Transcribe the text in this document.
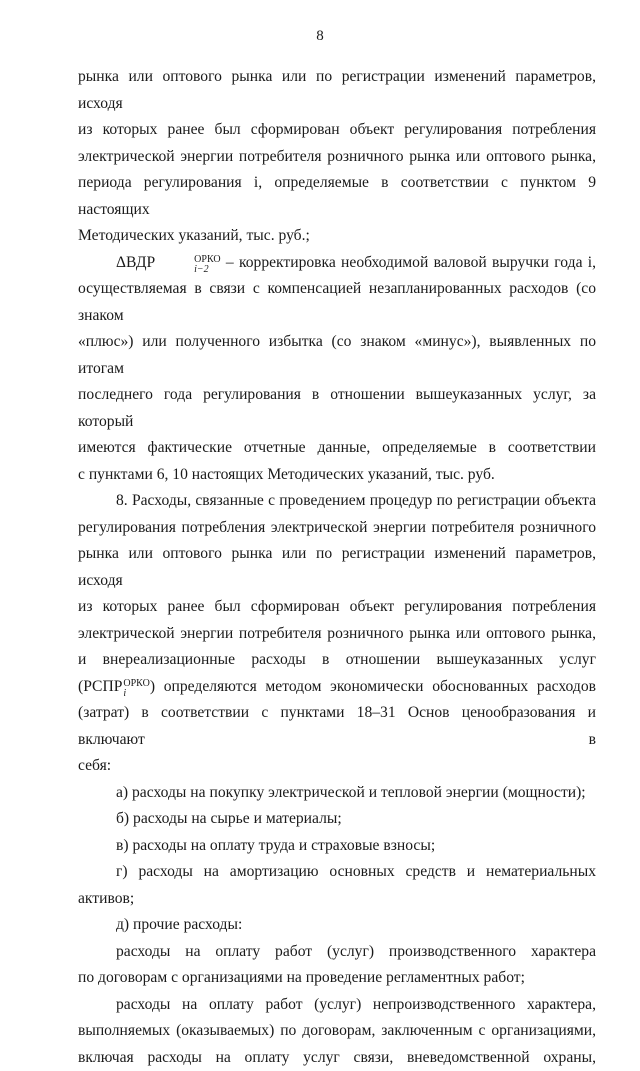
8

рынка или оптового рынка или по регистрации изменений параметров, исходя

из которых ранее был сформирован объект регулирования потребления

электрической энергии потребителя розничного рынка или оптового рынка,

периода регулирования i, определяемые в соответствии с пунктом 9 настоящих

Методических указаний, тыс. руб.;

ΔВДР	ОРКО
i−2	– корректировка необходимой валовой выручки года i,

осуществляемая в связи с компенсацией незапланированных расходов (со знаком

«плюс») или полученного избытка (со знаком «минус»), выявленных по итогам

последнего года регулирования в отношении вышеуказанных услуг, за который

имеются фактические отчетные данные, определяемые в соответствии

с пунктами 6, 10 настоящих Методических указаний, тыс. руб.

8. Расходы, связанные с проведением процедур по регистрации объекта

регулирования потребления электрической энергии потребителя розничного

рынка или оптового рынка или по регистрации изменений параметров, исходя

из которых ранее был сформирован объект регулирования потребления

электрической энергии потребителя розничного рынка или оптового рынка,

и внереализационные расходы в отношении вышеуказанных услуг

(РСПР ОРКО
i	) определяются методом экономически обоснованных расходов

(затрат) в соответствии с пунктами 18–31 Основ ценообразования и включают в

себя:

а) расходы на покупку электрической и тепловой энергии (мощности);

б) расходы на сырье и материалы;

в) расходы на оплату труда и страховые взносы;

г) расходы на амортизацию основных средств и нематериальных активов;

д) прочие расходы:

расходы на оплату работ (услуг) производственного характера

по договорам с организациями на проведение регламентных работ;

расходы на оплату работ (услуг) непроизводственного характера,

выполняемых (оказываемых) по договорам, заключенным с организациями,

включая расходы на оплату услуг связи, вневедомственной охраны,
